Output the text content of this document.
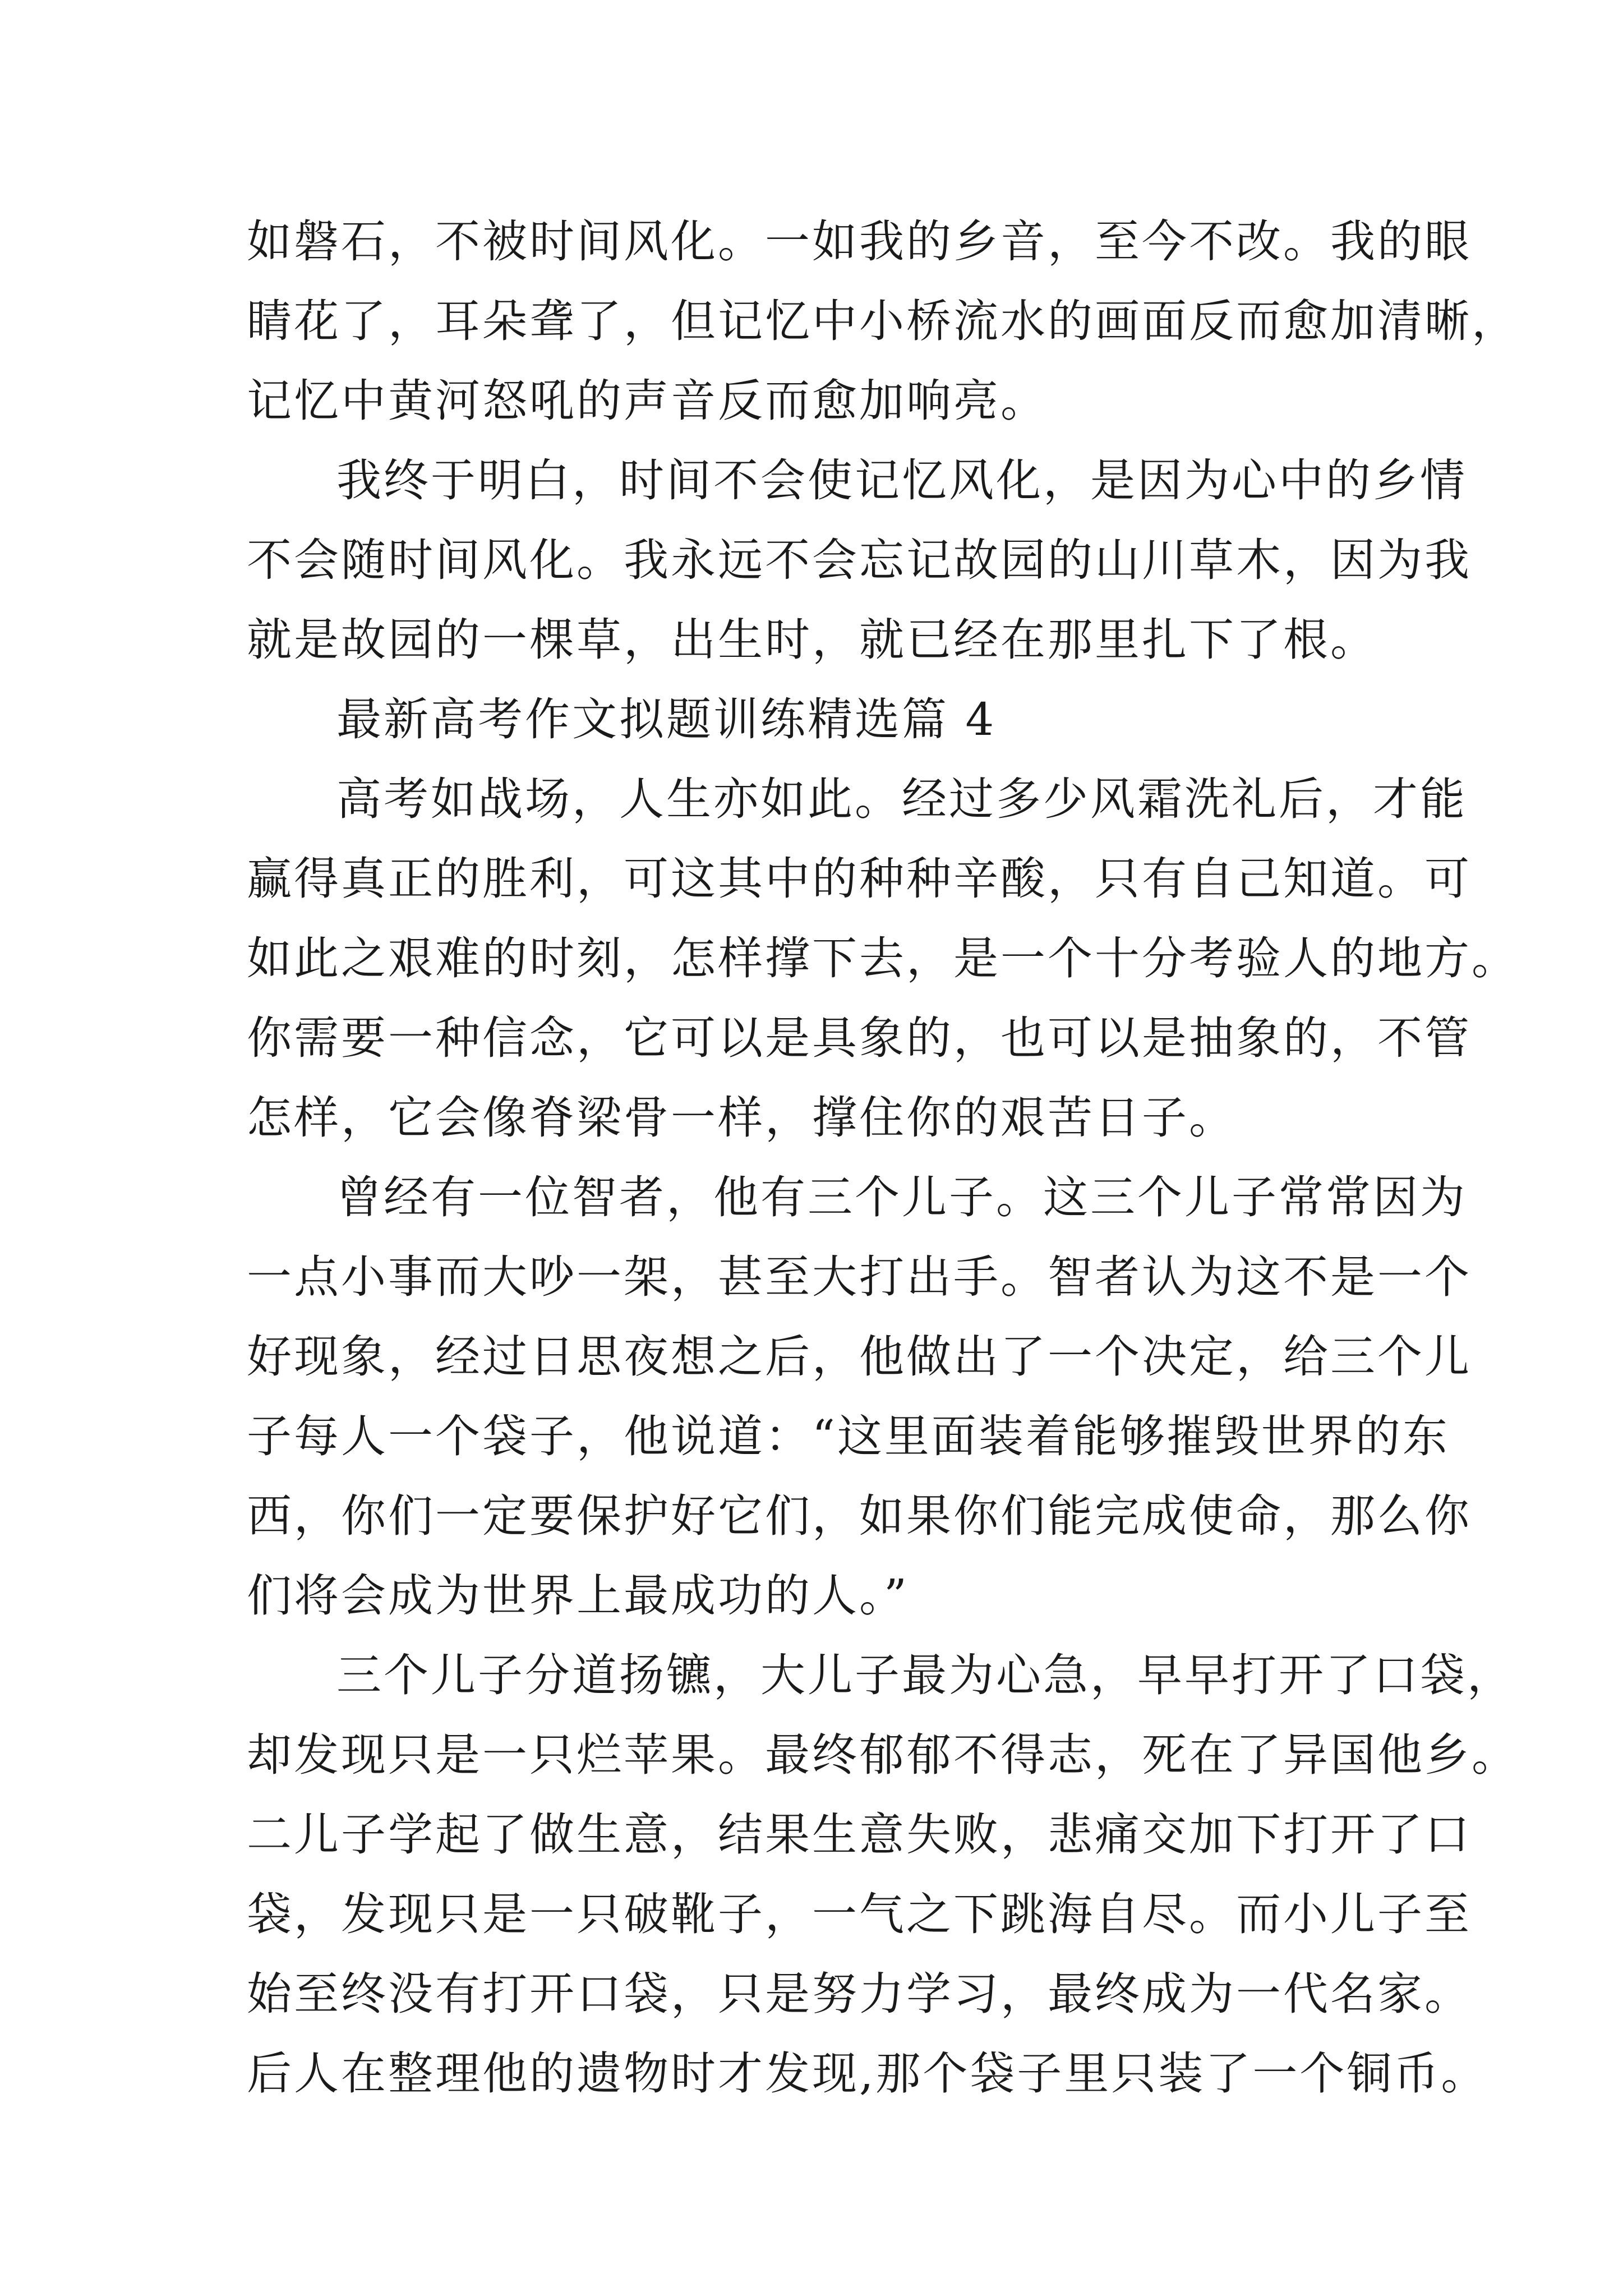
如磐石，不被时间风化。一如我的乡音，至今不改。我的眼
睛花了，耳朵聋了，但记忆中小桥流水的画面反而愈加清晰，
记忆中黄河怒吼的声音反而愈加响亮。
我终于明白，时间不会使记忆风化，是因为心中的乡情
不会随时间风化。我永远不会忘记故园的山川草木，因为我
就是故园的一棵草，出生时，就已经在那里扎下了根。
最新高考作文拟题训练精选篇 4
高考如战场，人生亦如此。经过多少风霜洗礼后，才能
赢得真正的胜利，可这其中的种种辛酸，只有自己知道。可
如此之艰难的时刻，怎样撑下去，是一个十分考验人的地方。
你需要一种信念，它可以是具象的，也可以是抽象的，不管
怎样，它会像脊梁骨一样，撑住你的艰苦日子。
曾经有一位智者，他有三个儿子。这三个儿子常常因为
一点小事而大吵一架，甚至大打出手。智者认为这不是一个
好现象，经过日思夜想之后，他做出了一个决定，给三个儿
子每人一个袋子，他说道：“这里面装着能够摧毁世界的东
西，你们一定要保护好它们，如果你们能完成使命，那么你
们将会成为世界上最成功的人。”
三个儿子分道扬镳，大儿子最为心急，早早打开了口袋，
却发现只是一只烂苹果。最终郁郁不得志，死在了异国他乡。
二儿子学起了做生意，结果生意失败，悲痛交加下打开了口
袋，发现只是一只破靴子，一气之下跳海自尽。而小儿子至
始至终没有打开口袋，只是努力学习，最终成为一代名家。
后人在整理他的遗物时才发现,那个袋子里只装了一个铜币。
